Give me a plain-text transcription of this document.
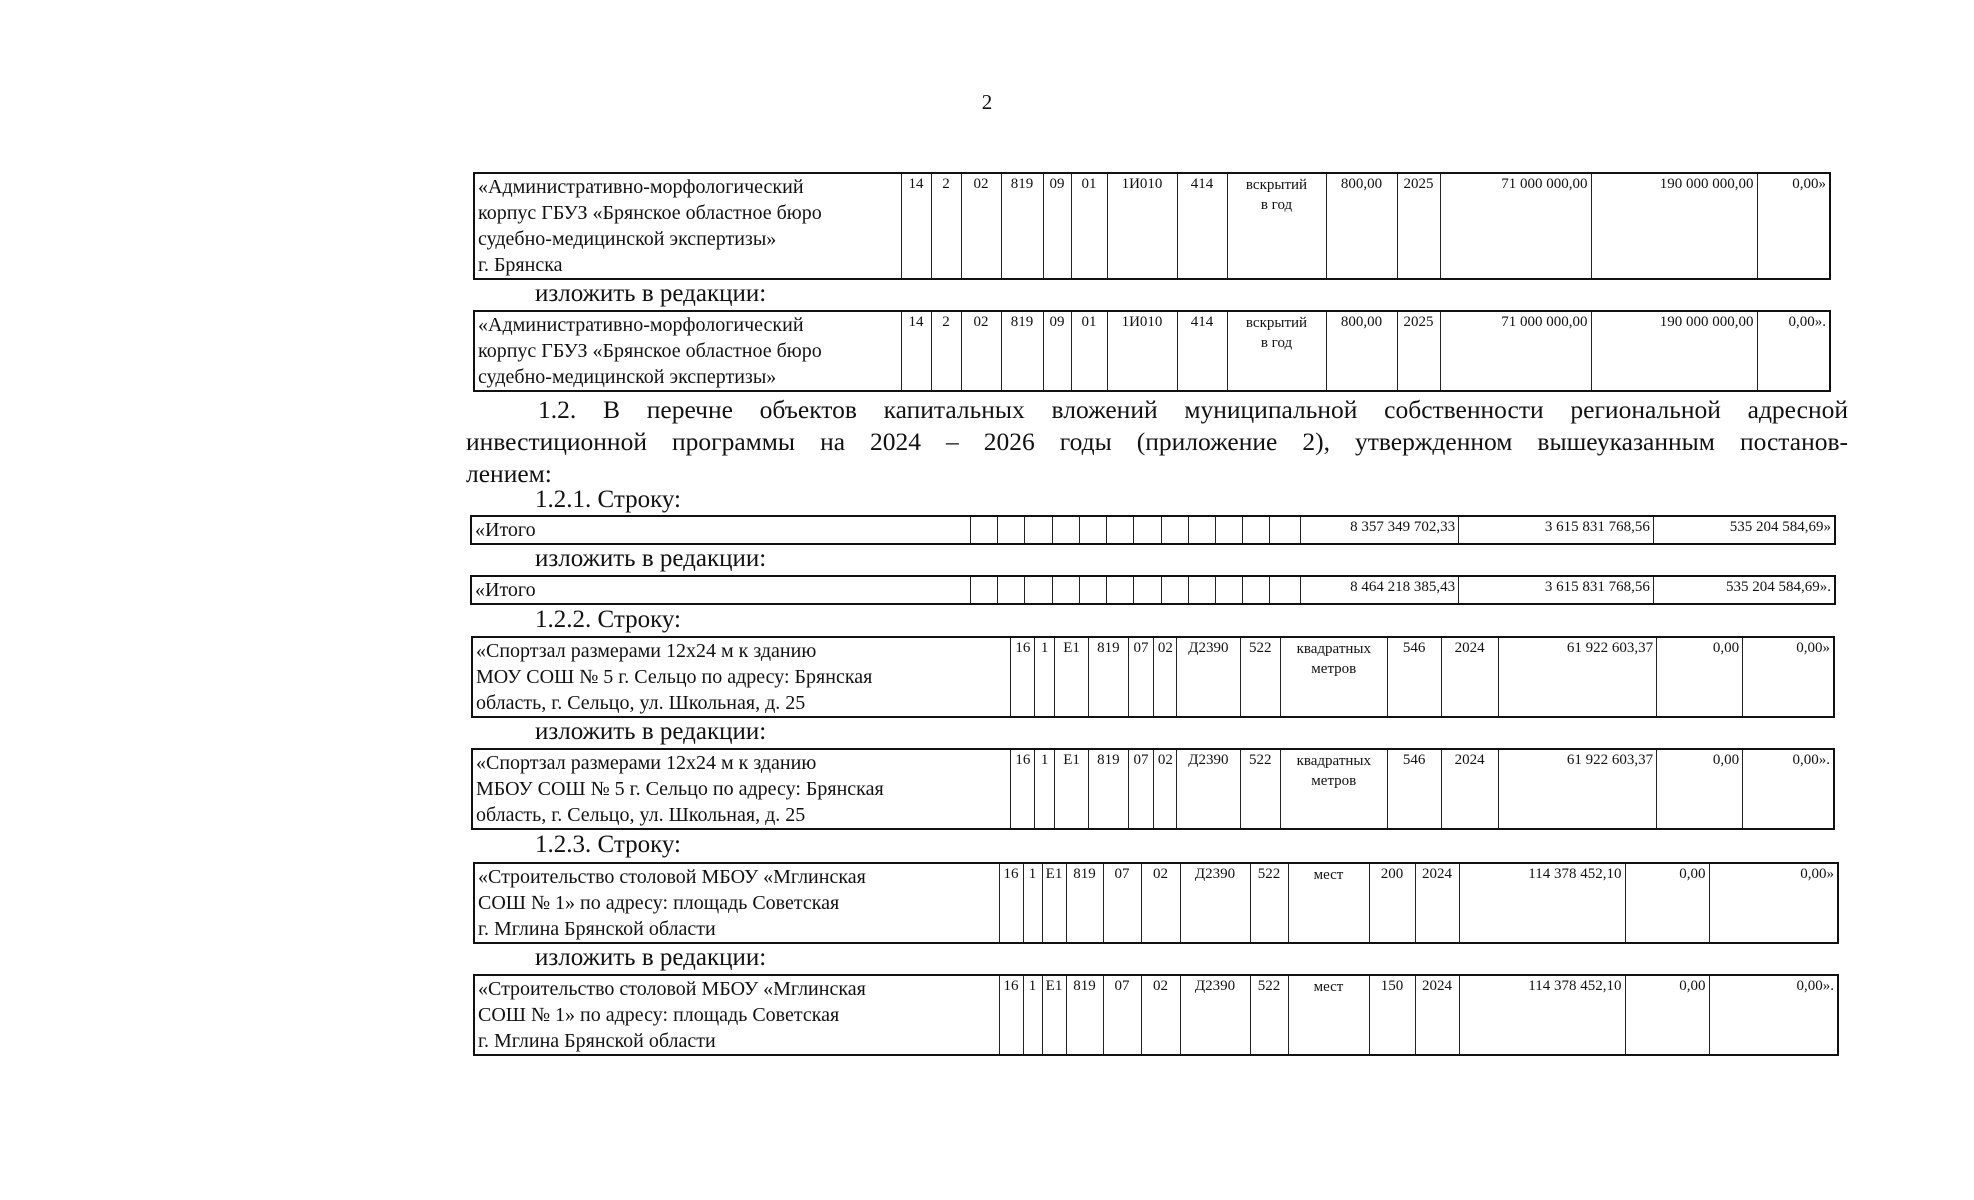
2
«Административно-морфологический
корпус ГБУЗ «Брянское областное бюро
судебно-медицинской экспертизы»
г. Брянска
	14	2	02	819	09	01	1И010	414	вскрытий
в год
	800,00	2025	71 000 000,00	190 000 000,00	0,00»
изложить в редакции:
«Административно-морфологический
корпус ГБУЗ «Брянское областное бюро
судебно-медицинской экспертизы»
	14	2	02	819	09	01	1И010	414	вскрытий
в год
	800,00	2025	71 000 000,00	190 000 000,00	0,00».
1.2. В перечне объектов капитальных вложений муниципальной собственности региональной адресной
инвестиционной программы на 2024 – 2026 годы (приложение 2), утвержденном вышеуказанным постанов-
лением:
1.2.1. Строку:
«Итого													8 357 349 702,33	3 615 831 768,56	535 204 584,69»
изложить в редакции:
«Итого													8 464 218 385,43	3 615 831 768,56	535 204 584,69».
1.2.2. Строку:
«Спортзал размерами 12х24 м к зданию
МОУ СОШ № 5 г. Сельцо по адресу: Брянская
область, г. Сельцо, ул. Школьная, д. 25
	16	1	Е1	819	07	02	Д2390	522	квадратных
метров
	546	2024	61 922 603,37	0,00	0,00»
изложить в редакции:
«Спортзал размерами 12х24 м к зданию
МБОУ СОШ № 5 г. Сельцо по адресу: Брянская
область, г. Сельцо, ул. Школьная, д. 25
	16	1	Е1	819	07	02	Д2390	522	квадратных
метров
	546	2024	61 922 603,37	0,00	0,00».
1.2.3. Строку:
«Строительство столовой МБОУ «Мглинская
СОШ № 1» по адресу: площадь Советская
г. Мглина Брянской области
	16	1	Е1	819	07	02	Д2390	522	мест	200	2024	114 378 452,10	0,00	0,00»
изложить в редакции:
«Строительство столовой МБОУ «Мглинская
СОШ № 1» по адресу: площадь Советская
г. Мглина Брянской области
	16	1	Е1	819	07	02	Д2390	522	мест	150	2024	114 378 452,10	0,00	0,00».
